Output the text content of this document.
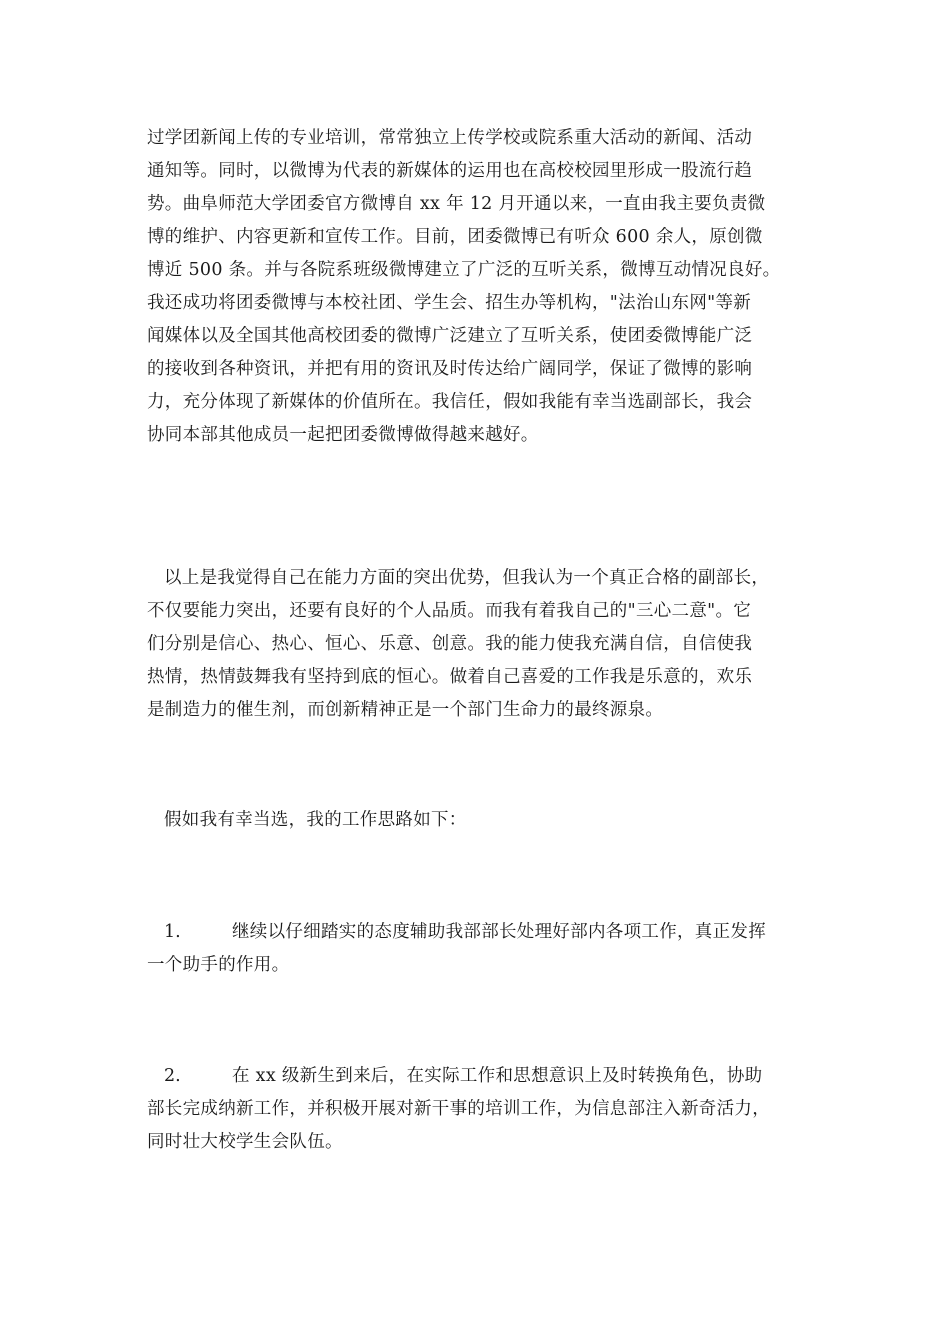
过学团新闻上传的专业培训，常常独立上传学校或院系重大活动的新闻、活动
通知等。同时，以微博为代表的新媒体的运用也在高校校园里形成一股流行趋
势。曲阜师范大学团委官方微博自 xx 年 12 月开通以来，一直由我主要负责微
博的维护、内容更新和宣传工作。目前，团委微博已有听众 600 余人，原创微
博近 500 条。并与各院系班级微博建立了广泛的互听关系，微博互动情况良好。
我还成功将团委微博与本校社团、学生会、招生办等机构，"法治山东网"等新
闻媒体以及全国其他高校团委的微博广泛建立了互听关系，使团委微博能广泛
的接收到各种资讯，并把有用的资讯及时传达给广阔同学，保证了微博的影响
力，充分体现了新媒体的价值所在。我信任，假如我能有幸当选副部长，我会
协同本部其他成员一起把团委微博做得越来越好。
以上是我觉得自己在能力方面的突出优势，但我认为一个真正合格的副部长，
不仅要能力突出，还要有良好的个人品质。而我有着我自己的"三心二意"。它
们分别是信心、热心、恒心、乐意、创意。我的能力使我充满自信，自信使我
热情，热情鼓舞我有坚持到底的恒心。做着自己喜爱的工作我是乐意的，欢乐
是制造力的催生剂，而创新精神正是一个部门生命力的最终源泉。
假如我有幸当选，我的工作思路如下：
1.	继续以仔细踏实的态度辅助我部部长处理好部内各项工作，真正发挥
一个助手的作用。
2.	在 xx 级新生到来后，在实际工作和思想意识上及时转换角色，协助
部长完成纳新工作，并积极开展对新干事的培训工作，为信息部注入新奇活力，
同时壮大校学生会队伍。
